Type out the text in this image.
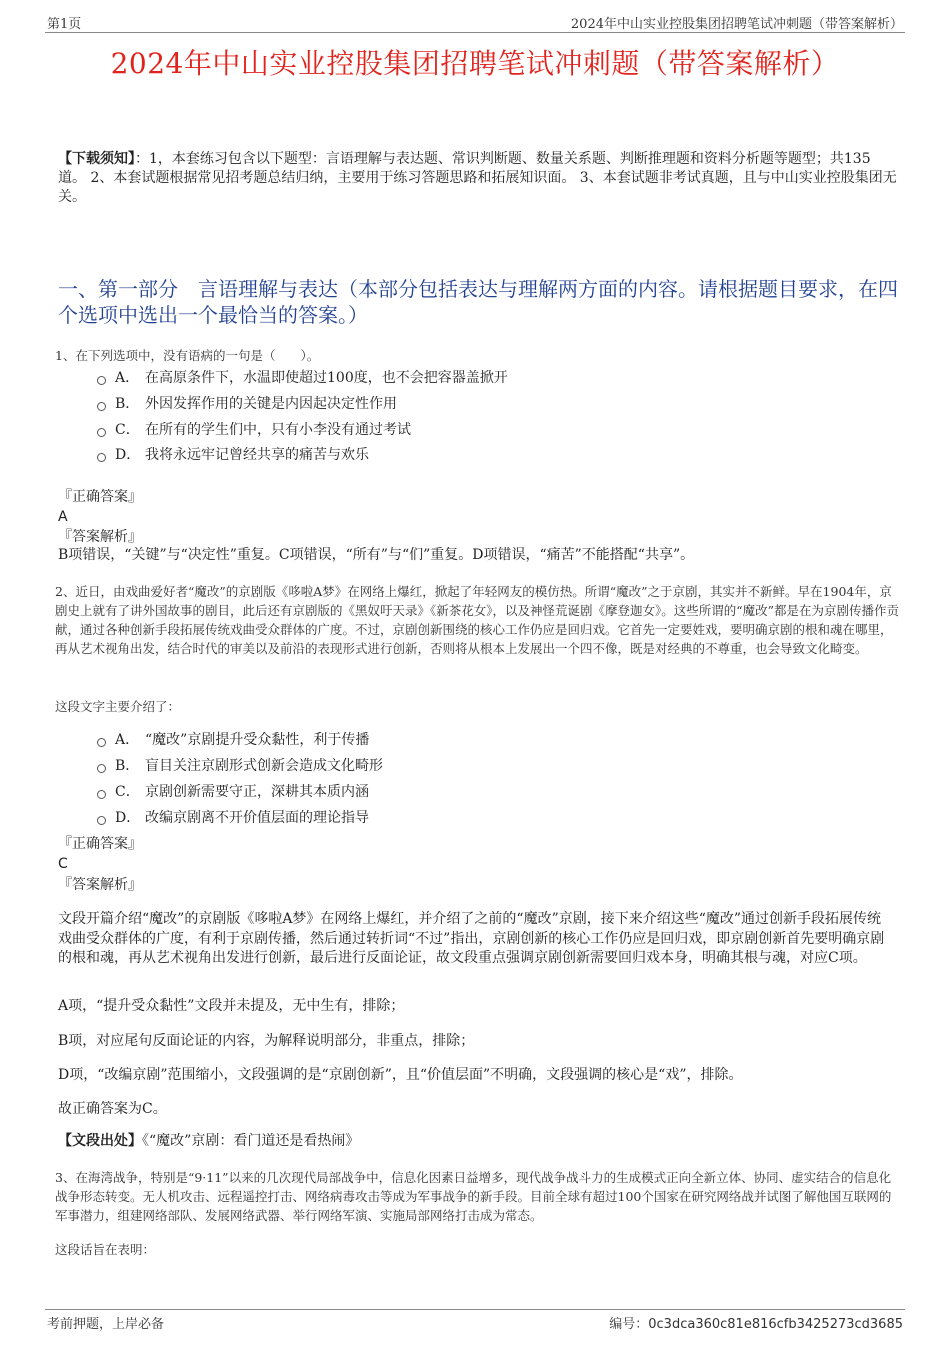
第1页	2024年中山实业控股集团招聘笔试冲刺题（带答案解析）
2024年中山实业控股集团招聘笔试冲刺题（带答案解析）
【下载须知】：1，本套练习包含以下题型：言语理解与表达题、常识判断题、数量关系题、判断推理题和资料分析题等题型；共135道。 2、本套试题根据常见招考题总结归纳，主要用于练习答题思路和拓展知识面。 3、本套试题非考试真题，且与中山实业控股集团无关。
一、第一部分　言语理解与表达（本部分包括表达与理解两方面的内容。请根据题目要求，在四个选项中选出一个最恰当的答案。）
1、在下列选项中，没有语病的一句是（　　）。
A． 在高原条件下，水温即使超过100度，也不会把容器盖掀开
B． 外因发挥作用的关键是内因起决定性作用
C． 在所有的学生们中，只有小李没有通过考试
D． 我将永远牢记曾经共享的痛苦与欢乐
『正确答案』
A
『答案解析』
B项错误，“关键”与“决定性”重复。C项错误，“所有”与“们”重复。D项错误，“痛苦”不能搭配“共享”。
2、近日，由戏曲爱好者“魔改”的京剧版《哆啦A梦》在网络上爆红，掀起了年轻网友的模仿热。所谓“魔改”之于京剧，其实并不新鲜。早在1904年，京剧史上就有了讲外国故事的剧目，此后还有京剧版的《黑奴吁天录》《新茶花女》，以及神怪荒诞剧《摩登迦女》。这些所谓的“魔改”都是在为京剧传播作贡献，通过各种创新手段拓展传统戏曲受众群体的广度。不过，京剧创新围绕的核心工作仍应是回归戏。它首先一定要姓戏，要明确京剧的根和魂在哪里，再从艺术视角出发，结合时代的审美以及前沿的表现形式进行创新，否则将从根本上发展出一个四不像，既是对经典的不尊重，也会导致文化畸变。
这段文字主要介绍了：
A． “魔改”京剧提升受众黏性，利于传播
B． 盲目关注京剧形式创新会造成文化畸形
C． 京剧创新需要守正，深耕其本质内涵
D． 改编京剧离不开价值层面的理论指导
『正确答案』
C
『答案解析』
文段开篇介绍“魔改”的京剧版《哆啦A梦》在网络上爆红，并介绍了之前的“魔改”京剧，接下来介绍这些“魔改”通过创新手段拓展传统戏曲受众群体的广度，有利于京剧传播，然后通过转折词“不过”指出，京剧创新的核心工作仍应是回归戏，即京剧创新首先要明确京剧的根和魂，再从艺术视角出发进行创新，最后进行反面论证，故文段重点强调京剧创新需要回归戏本身，明确其根与魂，对应C项。
A项，“提升受众黏性”文段并未提及，无中生有，排除；
B项，对应尾句反面论证的内容，为解释说明部分，非重点，排除；
D项，“改编京剧”范围缩小，文段强调的是“京剧创新”，且“价值层面”不明确，文段强调的核心是“戏”，排除。
故正确答案为C。
【文段出处】《“魔改”京剧：看门道还是看热闹》
3、在海湾战争，特别是“9·11”以来的几次现代局部战争中，信息化因素日益增多，现代战争战斗力的生成模式正向全新立体、协同、虚实结合的信息化战争形态转变。无人机攻击、远程遥控打击、网络病毒攻击等成为军事战争的新手段。目前全球有超过100个国家在研究网络战并试图了解他国互联网的军事潜力，组建网络部队、发展网络武器、举行网络军演、实施局部网络打击成为常态。
这段话旨在表明：
考前押题，上岸必备	编号：0c3dca360c81e816cfb3425273cd3685
